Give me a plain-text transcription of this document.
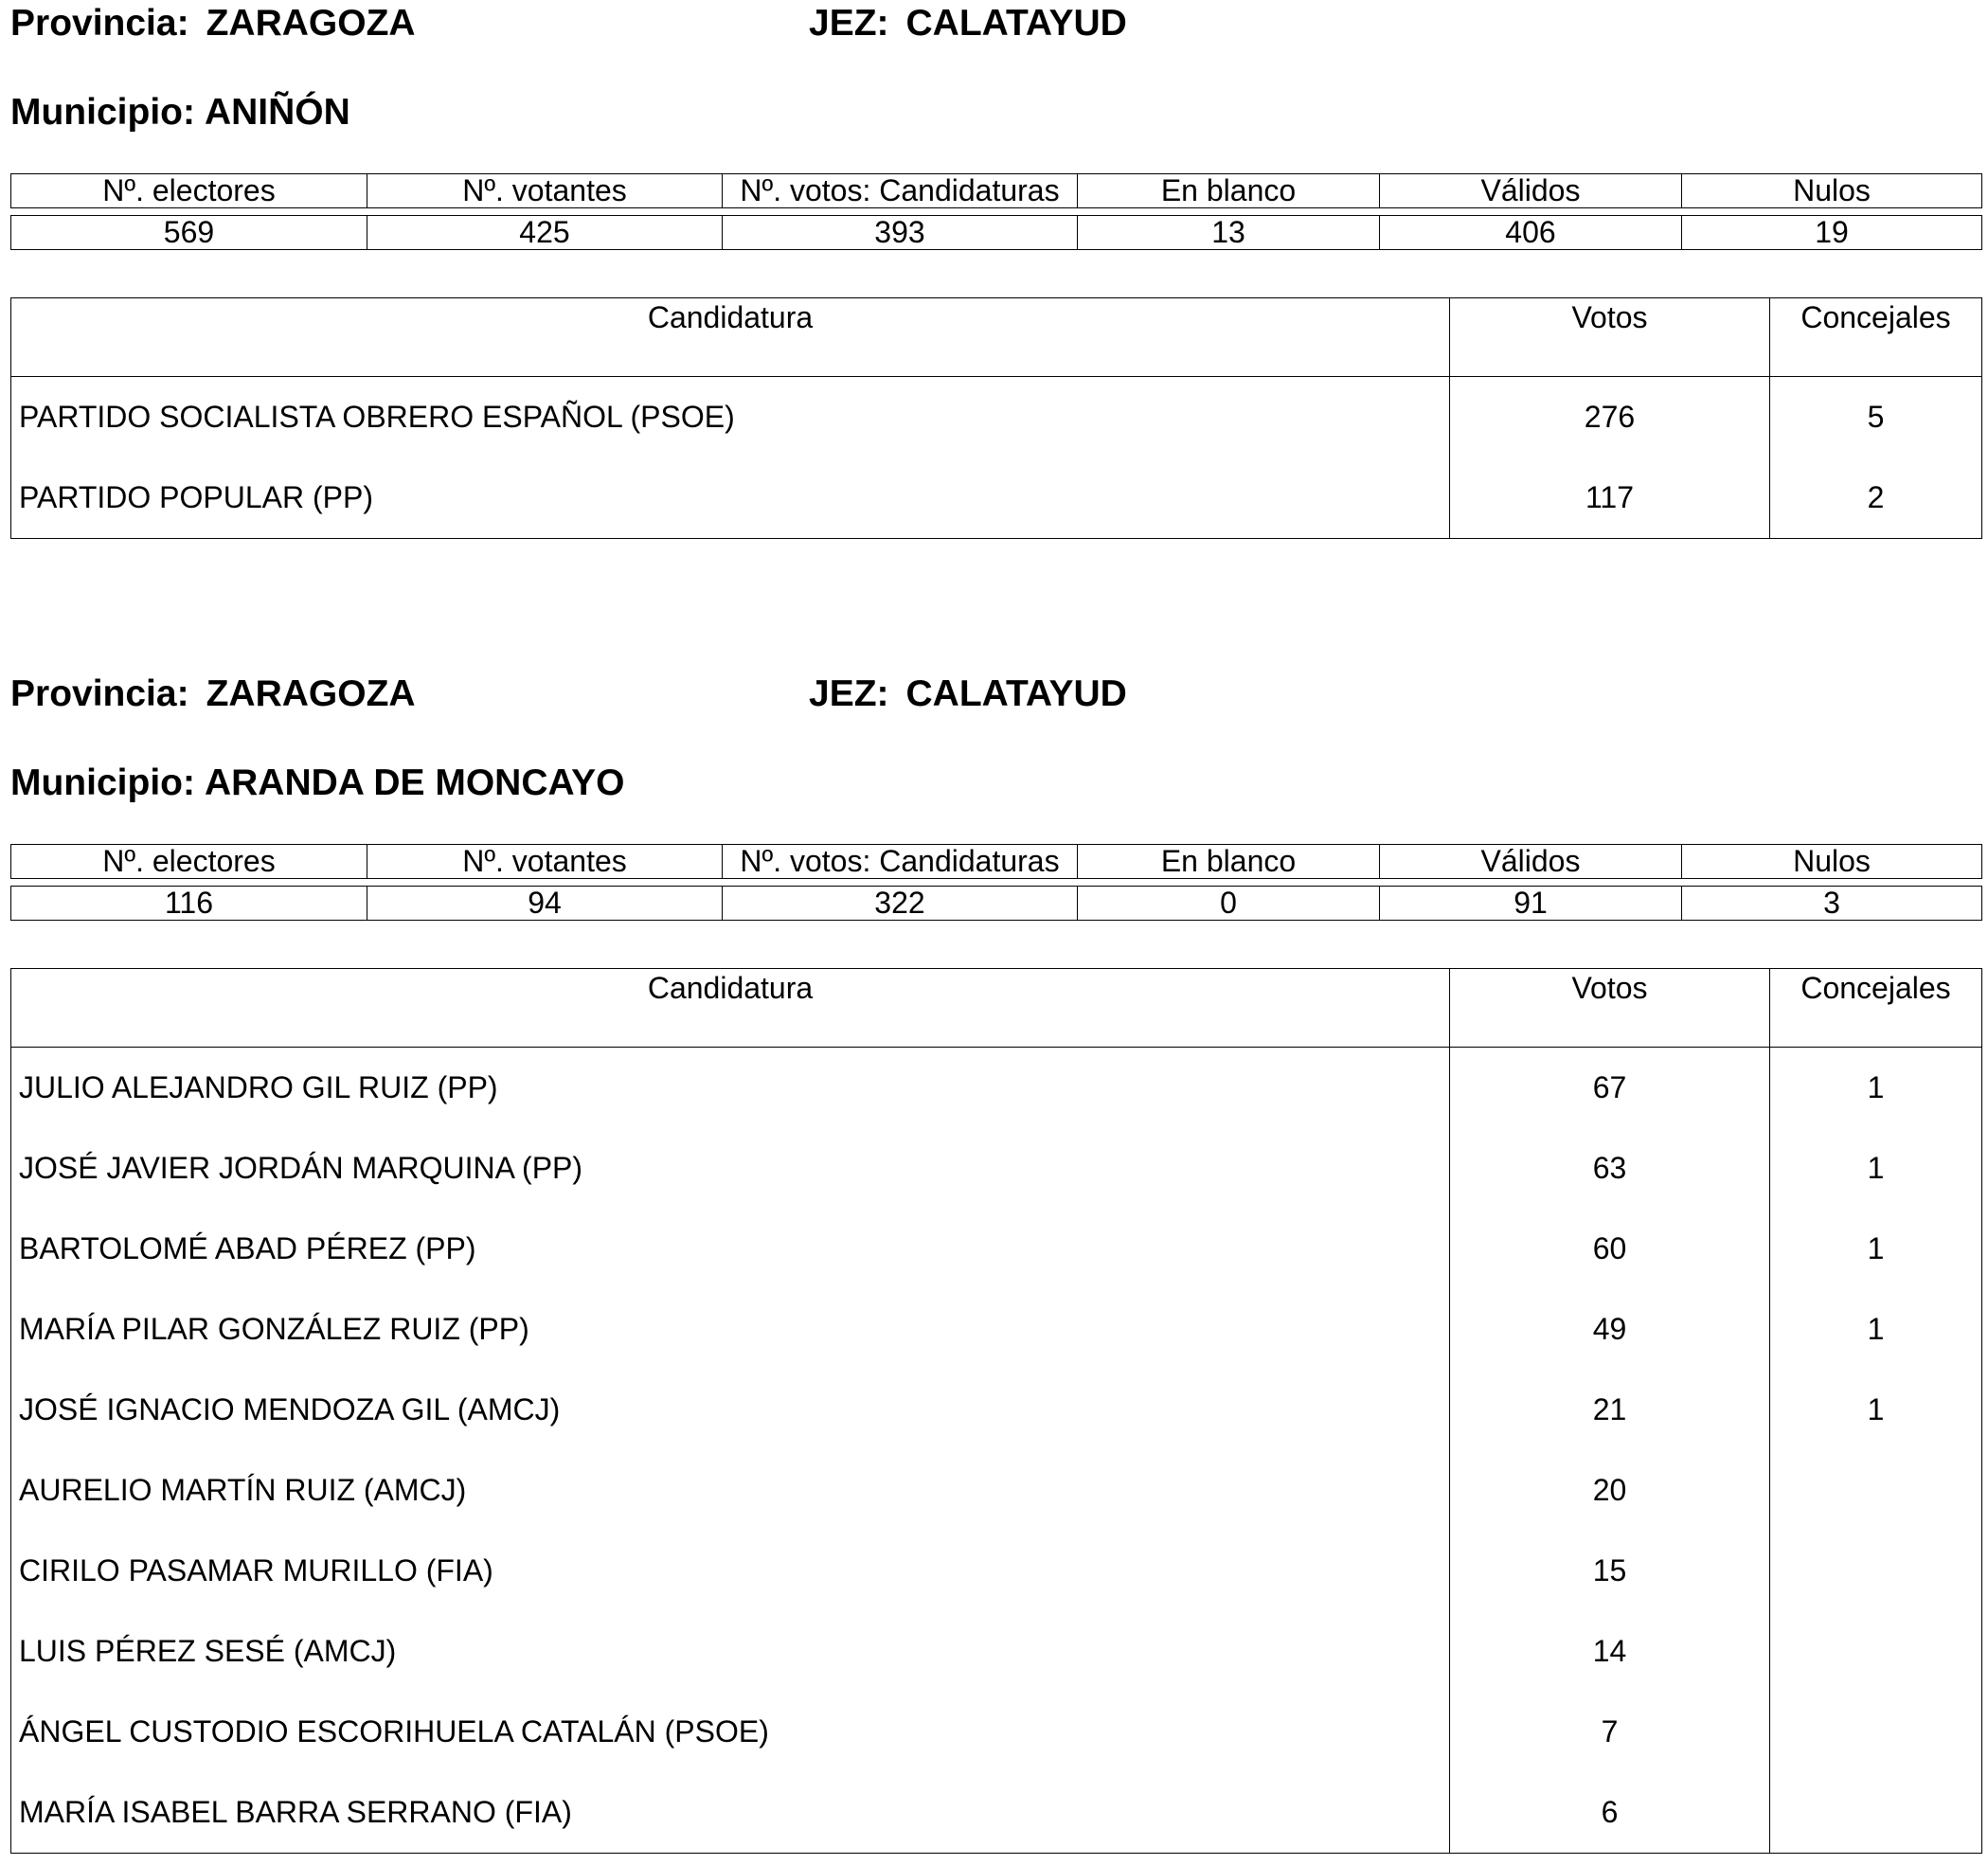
Provincia: ZARAGOZA	JEZ: CALATAYUD
Municipio: ANIÑÓN
Nº. electores	Nº. votantes	Nº. votos: Candidaturas	En blanco	Válidos	Nulos
569	425	393	13	406	19
Candidatura	Votos	Concejales
PARTIDO SOCIALISTA OBRERO ESPAÑOL (PSOE)	276	5
PARTIDO POPULAR (PP)	117	2
Provincia: ZARAGOZA	JEZ: CALATAYUD
Municipio: ARANDA DE MONCAYO
Nº. electores	Nº. votantes	Nº. votos: Candidaturas	En blanco	Válidos	Nulos
116	94	322	0	91	3
Candidatura	Votos	Concejales
JULIO ALEJANDRO GIL RUIZ (PP)	67	1
JOSÉ JAVIER JORDÁN MARQUINA (PP)	63	1
BARTOLOMÉ ABAD PÉREZ (PP)	60	1
MARÍA PILAR GONZÁLEZ RUIZ (PP)	49	1
JOSÉ IGNACIO MENDOZA GIL (AMCJ)	21	1
AURELIO MARTÍN RUIZ (AMCJ)	20	
CIRILO PASAMAR MURILLO (FIA)	15	
LUIS PÉREZ SESÉ (AMCJ)	14	
ÁNGEL CUSTODIO ESCORIHUELA CATALÁN (PSOE)	7	
MARÍA ISABEL BARRA SERRANO (FIA)	6	
